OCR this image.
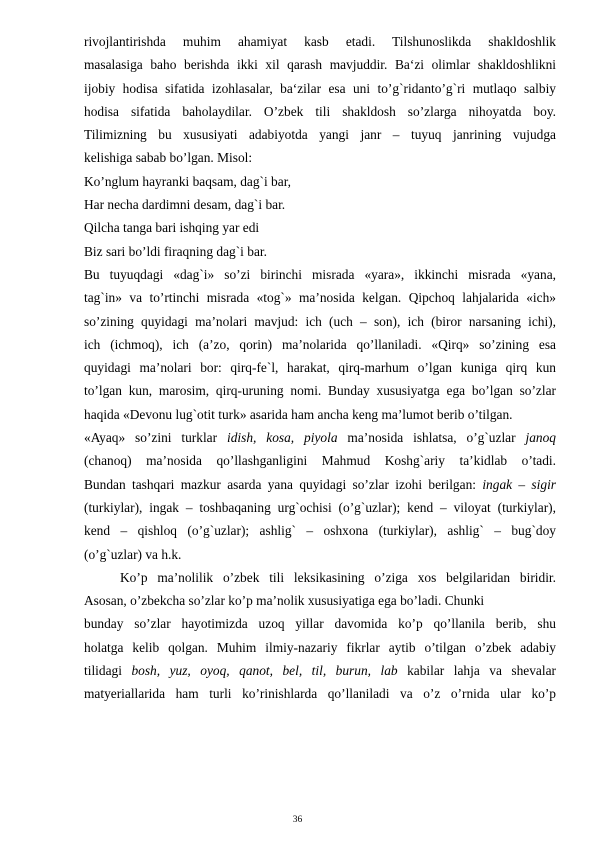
rivojlantirishda muhim ahamiyat kasb etadi. Tilshunoslikda shakldoshlik
masalasiga baho berishda ikki xil qarash mavjuddir. Ba‘zi olimlar shakldoshlikni
ijobiy hodisa sifatida izohlasalar, ba‘zilar esa uni to’g`ridanto’g`ri mutlaqo salbiy
hodisa sifatida baholaydilar. O’zbek tili shakldosh so’zlarga nihoyatda boy.
Tilimizning bu xususiyati adabiyotda yangi janr – tuyuq janrining vujudga
kelishiga sabab bo’lgan. Misol:
Ko’nglum hayranki baqsam, dag`i bar,
Har necha dardimni desam, dag`i bar.
Qilcha tanga bari ishqing yar edi
Biz sari bo’ldi firaqning dag`i bar.
Bu tuyuqdagi «dag`i» so’zi birinchi misrada «yara», ikkinchi misrada «yana,
tag`in» va to’rtinchi misrada «tog`» ma’nosida kelgan. Qipchoq lahjalarida «ich»
so’zining quyidagi ma’nolari mavjud: ich (uch – son), ich (biror narsaning ichi),
ich (ichmoq), ich (a’zo, qorin) ma’nolarida qo’llaniladi. «Qirq» so’zining esa
quyidagi ma’nolari bor: qirq-fe`l, harakat, qirq-marhum o’lgan kuniga qirq kun
to’lgan kun, marosim, qirq-uruning nomi. Bunday xususiyatga ega bo’lgan so’zlar
haqida «Devonu lug`otit turk» asarida ham ancha keng ma’lumot berib o’tilgan.
«Ayaq» so’zini turklar idish, kosa, piyola ma’nosida ishlatsa, o’g`uzlar janoq
(chanoq) ma’nosida qo’llashganligini Mahmud Koshg`ariy ta’kidlab o’tadi.
Bundan tashqari mazkur asarda yana quyidagi so’zlar izohi berilgan: ingak – sigir
(turkiylar), ingak – toshbaqaning urg`ochisi (o’g`uzlar); kend – viloyat (turkiylar),
kend – qishloq (o’g`uzlar); ashlig` – oshxona (turkiylar), ashlig` – bug`doy
(o’g`uzlar) va h.k.
Ko’p ma’nolilik o’zbek tili leksikasining o’ziga xos belgilaridan biridir.
Asosan, o’zbekcha so’zlar ko’p ma’nolik xususiyatiga ega bo’ladi. Chunki
bunday so’zlar hayotimizda uzoq yillar davomida ko’p qo’llanila berib, shu
holatga kelib qolgan. Muhim ilmiy-nazariy fikrlar aytib o’tilgan o’zbek adabiy
tilidagi bosh, yuz, oyoq, qanot, bel, til, burun, lab kabilar lahja va shevalar
matyeriallarida ham turli ko’rinishlarda qo’llaniladi va o’z o’rnida ular ko’p
36
